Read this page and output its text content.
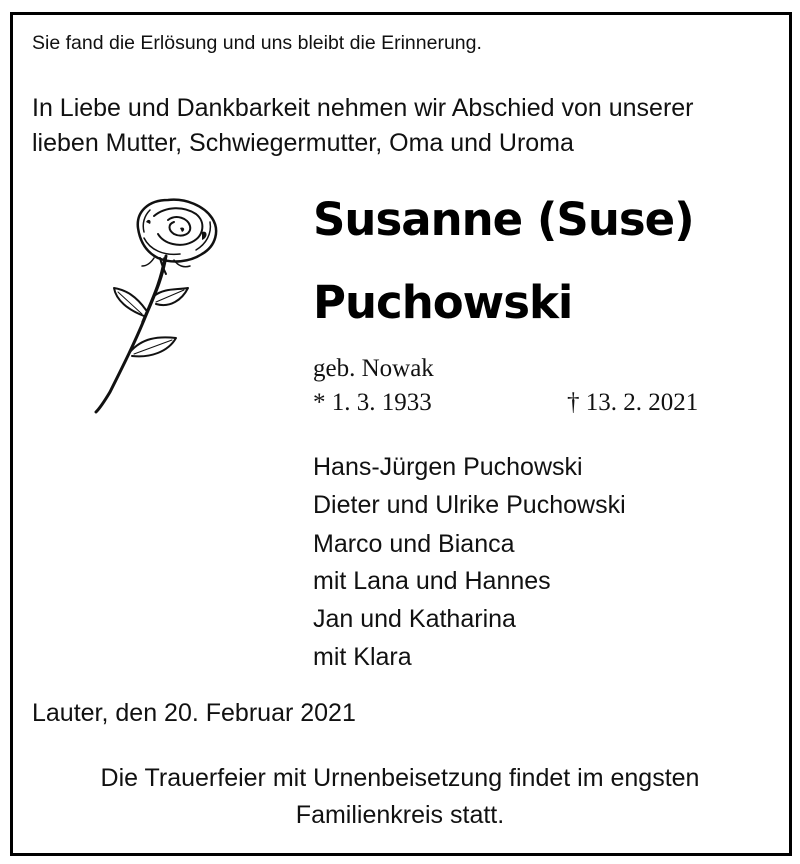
Sie fand die Erlösung und uns bleibt die Erinnerung.
In Liebe und Dankbarkeit nehmen wir Abschied von unserer
lieben Mutter, Schwiegermutter, Oma und Uroma
Susanne (Suse)
Puchowski
geb. Nowak
* 1. 3. 1933	† 13. 2. 2021
Hans-Jürgen Puchowski
Dieter und Ulrike Puchowski
Marco und Bianca
mit Lana und Hannes
Jan und Katharina
mit Klara
Lauter, den 20. Februar 2021
Die Trauerfeier mit Urnenbeisetzung findet im engsten
Familienkreis statt.
